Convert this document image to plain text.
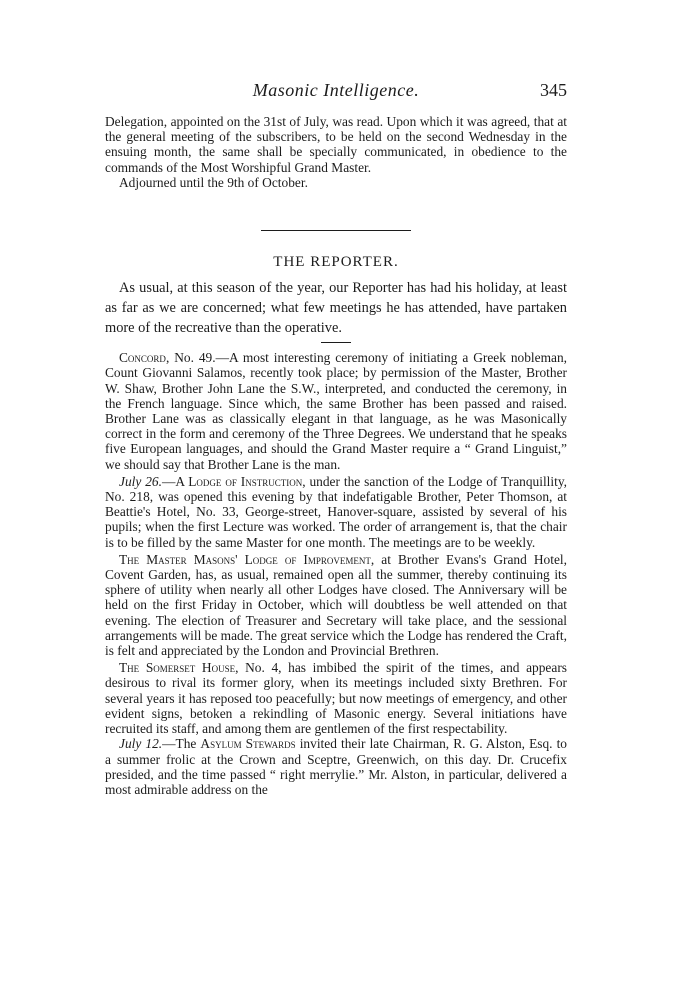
Masonic Intelligence.	345

Delegation, appointed on the 31st of July, was read. Upon which it was agreed, that at the general meeting of the subscribers, to be held on the second Wednesday in the ensuing month, the same shall be specially communicated, in obedience to the commands of the Most Worshipful Grand Master.

Adjourned until the 9th of October.

THE REPORTER.

As usual, at this season of the year, our Reporter has had his holiday, at least as far as we are concerned; what few meetings he has attended, have partaken more of the recreative than the operative.

Concord, No. 49.—A most interesting ceremony of initiating a Greek nobleman, Count Giovanni Salamos, recently took place; by permission of the Master, Brother W. Shaw, Brother John Lane the S.W., interpreted, and conducted the ceremony, in the French language. Since which, the same Brother has been passed and raised. Brother Lane was as classically elegant in that language, as he was Masonically correct in the form and ceremony of the Three Degrees. We understand that he speaks five European languages, and should the Grand Master require a “ Grand Linguist,” we should say that Brother Lane is the man.

July 26.—A Lodge of Instruction, under the sanction of the Lodge of Tranquillity, No. 218, was opened this evening by that indefatigable Brother, Peter Thomson, at Beattie's Hotel, No. 33, George-street, Hanover-square, assisted by several of his pupils; when the first Lecture was worked. The order of arrangement is, that the chair is to be filled by the same Master for one month. The meetings are to be weekly.

The Master Masons' Lodge of Improvement, at Brother Evans's Grand Hotel, Covent Garden, has, as usual, remained open all the summer, thereby continuing its sphere of utility when nearly all other Lodges have closed. The Anniversary will be held on the first Friday in October, which will doubtless be well attended on that evening. The election of Treasurer and Secretary will take place, and the sessional arrangements will be made. The great service which the Lodge has rendered the Craft, is felt and appreciated by the London and Provincial Brethren.

The Somerset House, No. 4, has imbibed the spirit of the times, and appears desirous to rival its former glory, when its meetings included sixty Brethren. For several years it has reposed too peacefully; but now meetings of emergency, and other evident signs, betoken a rekindling of Masonic energy. Several initiations have recruited its staff, and among them are gentlemen of the first respectability.

July 12.—The Asylum Stewards invited their late Chairman, R. G. Alston, Esq. to a summer frolic at the Crown and Sceptre, Greenwich, on this day. Dr. Crucefix presided, and the time passed “ right merrylie.” Mr. Alston, in particular, delivered a most admirable address on the
